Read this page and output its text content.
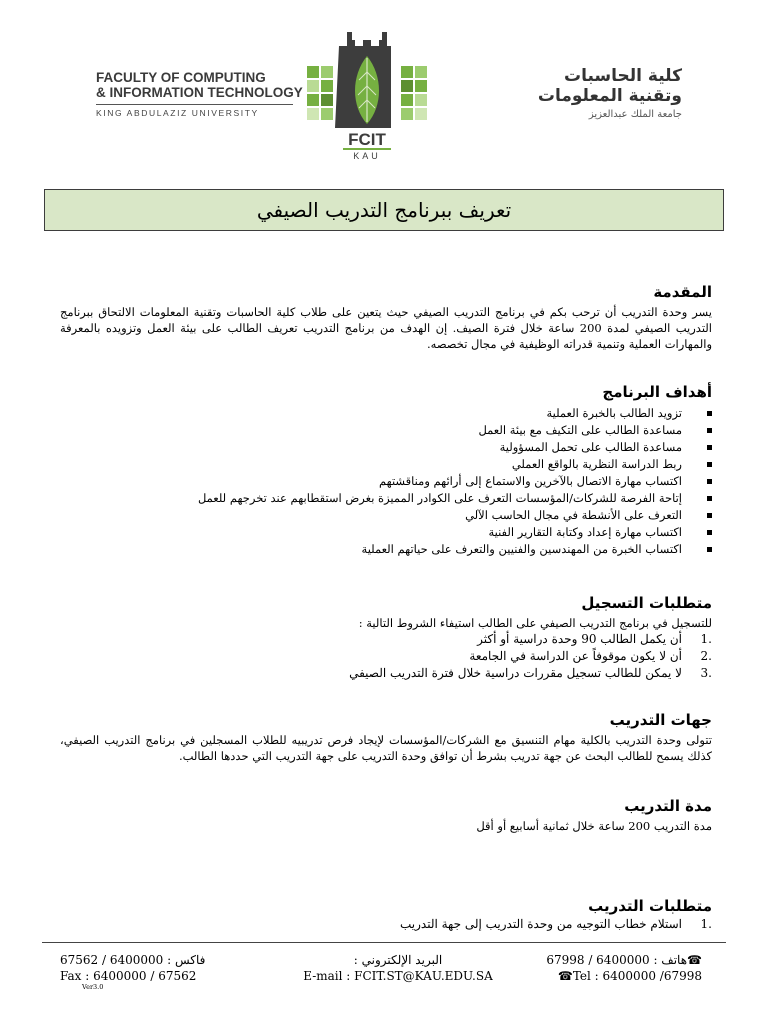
FACULTY OF COMPUTING
& INFORMATION TECHNOLOGY
KING ABDULAZIZ UNIVERSITY
FCIT
KAU
كلية الحاسبات
وتقنية المعلومات
جامعة الملك عبدالعزيز
تعريف ببرنامج التدريب الصيفي
المقدمة

يسر وحدة التدريب أن ترحب بكم في برنامج التدريب الصيفي حيث يتعين على طلاب كلية الحاسبات وتقنية المعلومات الالتحاق ببرنامج التدريب الصيفي لمدة 200 ساعة خلال فترة الصيف. إن الهدف من برنامج التدريب تعريف الطالب على بيئة العمل وتزويده بالمعرفة والمهارات العملية وتنمية قدراته الوظيفية في مجال تخصصه.

أهداف البرنامج
تزويد الطالب بالخبرة العملية
مساعدة الطالب على التكيف مع بيئة العمل
مساعدة الطالب على تحمل المسؤولية
ربط الدراسة النظرية بالواقع العملي
اكتساب مهارة الاتصال بالآخرين والاستماع إلى أرائهم ومناقشتهم
إتاحة الفرصة للشركات/المؤسسات التعرف على الكوادر المميزة بغرض استقطابهم عند تخرجهم للعمل
التعرف على الأنشطة في مجال الحاسب الآلي
اكتساب مهارة إعداد وكتابة التقارير الفنية
اكتساب الخبرة من المهندسين والفنيين والتعرف على حياتهم العملية
متطلبات التسجيل

للتسجيل في برنامج التدريب الصيفي على الطالب استيفاء الشروط التالية :

1.
أن يكمل الطالب 90 وحدة دراسية أو أكثر
2.
أن لا يكون موقوفاً عن الدراسة في الجامعة
3.
لا يمكن للطالب تسجيل مقررات دراسية خلال فترة التدريب الصيفي
جهات التدريب

تتولى وحدة التدريب بالكلية مهام التنسيق مع الشركات/المؤسسات لإيجاد فرص تدريبيه للطلاب المسجلين في برنامج التدريب الصيفي، كذلك يسمح للطالب البحث عن جهة تدريب بشرط أن توافق وحدة التدريب على جهة التدريب التي حددها الطالب.

مدة التدريب

مدة التدريب 200 ساعة خلال ثمانية أسابيع أو أقل

متطلبات التدريب
1.
استلام خطاب التوجيه من وحدة التدريب إلى جهة التدريب
فاكس : 6400000 / 67562
Fax : 6400000 / 67562
Ver3.0
البريد الإلكتروني :
E-mail : FCIT.ST@KAU.EDU.SA
☎هاتف : 6400000 / 67998
☎Tel : 6400000 /67998
